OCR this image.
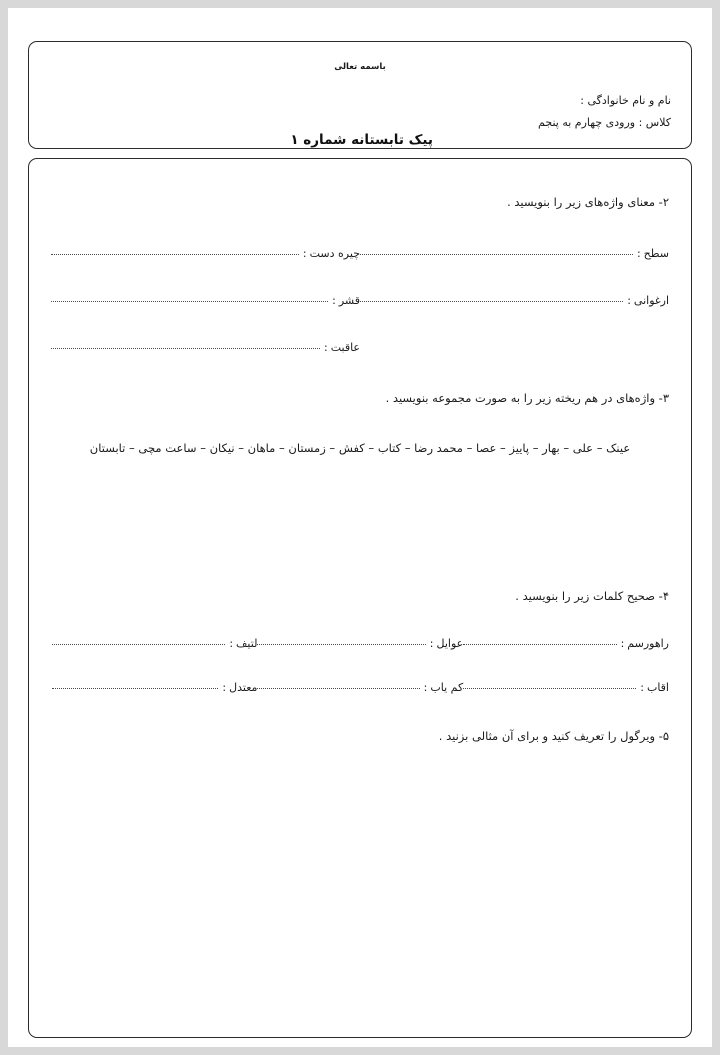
باسمه تعالی
نام و نام خانوادگی :
کلاس : ورودی چهارم به پنجم
پیک تابستانه شماره ۱
۲- معنای واژه‌های زیر را بنویسید .
سطح
:
چیره دست
:
ارغوانی
:
قشر
:
عاقبت
:
۳- واژه‌های در هم ریخته زیر را به صورت مجموعه بنویسید .
عینک – علی – بهار – پاییز – عصا – محمد رضا – کتاب – کفش – زمستان – ماهان – نیکان – ساعت مچی – تابستان
۴- صحیح کلمات زیر را بنویسید .
راهورسم
:
عوایل
:
لتیف
:
اقاب
:
کم یاب
:
معتدل
:
۵- ویرگول را تعریف کنید و برای آن مثالی بزنید .
